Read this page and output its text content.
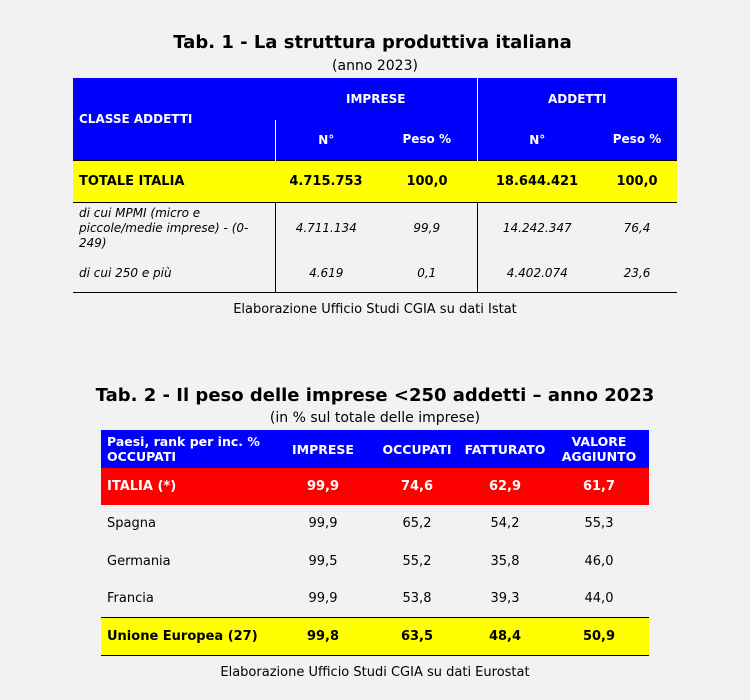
Tab. 1 - La struttura produttiva italiana
(anno 2023)
CLASSE ADDETTI	IMPRESE		ADDETTI	
	N°	Peso %	N°	Peso %
TOTALE ITALIA	4.715.753	100,0	18.644.421	100,0
di cui MPMI (micro e piccole/medie imprese) - (0-249)	4.711.134	99,9	14.242.347	76,4
di cui 250 e più	4.619	0,1	4.402.074	23,6
Elaborazione Ufficio Studi CGIA su dati Istat
Tab. 2 - Il peso delle imprese <250 addetti – anno 2023
(in % sul totale delle imprese)
Paesi, rank per inc. % OCCUPATI	IMPRESE	OCCUPATI	FATTURATO	VALORE AGGIUNTO
ITALIA (*)	99,9	74,6	62,9	61,7
Spagna	99,9	65,2	54,2	55,3
Germania	99,5	55,2	35,8	46,0
Francia	99,9	53,8	39,3	44,0
Unione Europea (27)	99,8	63,5	48,4	50,9
Elaborazione Ufficio Studi CGIA su dati Eurostat
